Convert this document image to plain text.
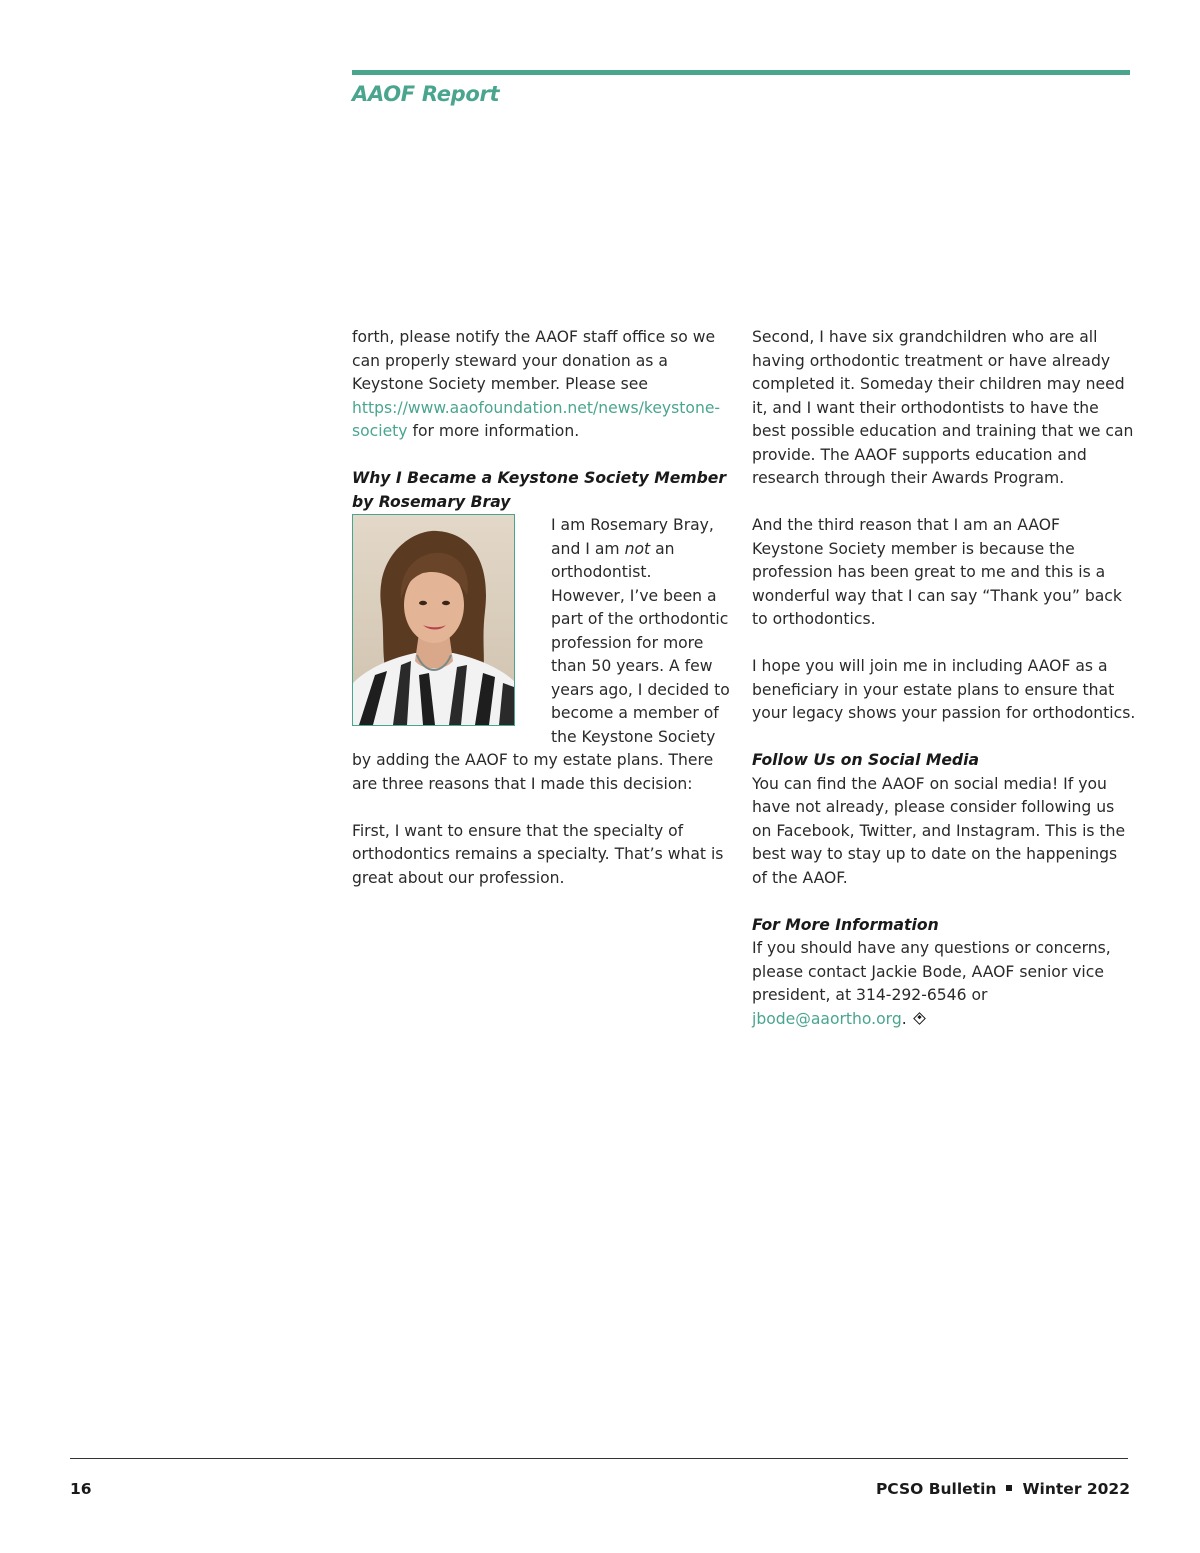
AAOF Report

forth, please notify the AAOF staff office so we can properly steward your donation as a Keystone Society member. Please see https://www.aaofoundation.net/news/keystone-society for more information.

Why I Became a Keystone Society Member by Rosemary Bray

I am Rosemary Bray, and I am not an orthodontist. However, I’ve been a part of the orthodontic profession for more than 50 years. A few years ago, I decided to become a member of the Keystone Society by adding the AAOF to my estate plans. There are three reasons that I made this decision:

First, I want to ensure that the specialty of orthodontics remains a specialty. That’s what is great about our profession.

Second, I have six grandchildren who are all having orthodontic treatment or have already completed it. Someday their children may need it, and I want their orthodontists to have the best possible education and training that we can provide. The AAOF supports education and research through their Awards Program.

And the third reason that I am an AAOF Keystone Society member is because the profession has been great to me and this is a wonderful way that I can say “Thank you” back to orthodontics.

I hope you will join me in including AAOF as a beneficiary in your estate plans to ensure that your legacy shows your passion for orthodontics.

Follow Us on Social Media

You can find the AAOF on social media! If you have not already, please consider following us on Facebook, Twitter, and Instagram. This is the best way to stay up to date on the happenings of the AAOF.

For More Information

If you should have any questions or concerns, please contact Jackie Bode, AAOF senior vice president, at 314-292-6546 or jbode@aaortho.org.

16	PCSO Bulletin Winter 2022
